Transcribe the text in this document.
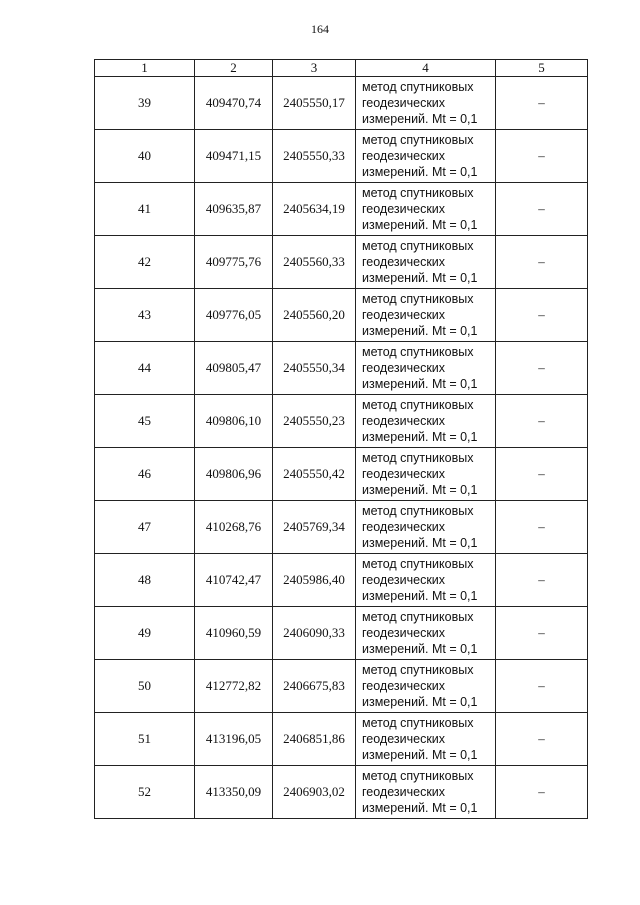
164
1	2	3	4	5
39	409470,74	2405550,17	метод спутниковых
геодезических
измерений. Mt = 0,1	–
40	409471,15	2405550,33	метод спутниковых
геодезических
измерений. Mt = 0,1	–
41	409635,87	2405634,19	метод спутниковых
геодезических
измерений. Mt = 0,1	–
42	409775,76	2405560,33	метод спутниковых
геодезических
измерений. Mt = 0,1	–
43	409776,05	2405560,20	метод спутниковых
геодезических
измерений. Mt = 0,1	–
44	409805,47	2405550,34	метод спутниковых
геодезических
измерений. Mt = 0,1	–
45	409806,10	2405550,23	метод спутниковых
геодезических
измерений. Mt = 0,1	–
46	409806,96	2405550,42	метод спутниковых
геодезических
измерений. Mt = 0,1	–
47	410268,76	2405769,34	метод спутниковых
геодезических
измерений. Mt = 0,1	–
48	410742,47	2405986,40	метод спутниковых
геодезических
измерений. Mt = 0,1	–
49	410960,59	2406090,33	метод спутниковых
геодезических
измерений. Mt = 0,1	–
50	412772,82	2406675,83	метод спутниковых
геодезических
измерений. Mt = 0,1	–
51	413196,05	2406851,86	метод спутниковых
геодезических
измерений. Mt = 0,1	–
52	413350,09	2406903,02	метод спутниковых
геодезических
измерений. Mt = 0,1	–
